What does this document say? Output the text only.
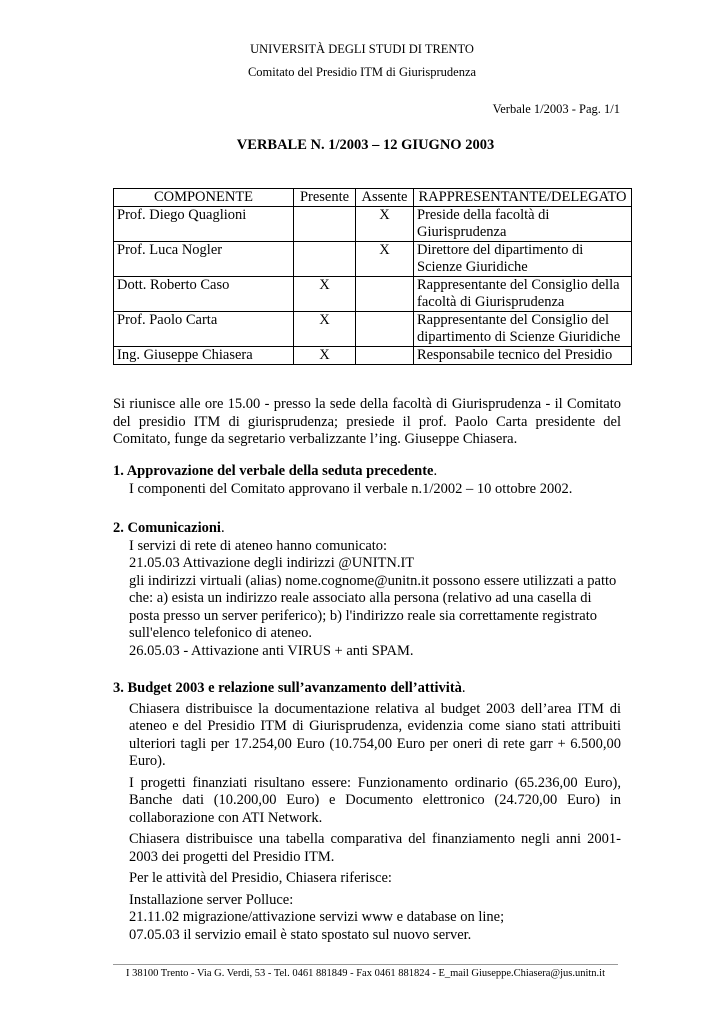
UNIVERSITÀ DEGLI STUDI DI TRENTO
Comitato del Presidio ITM di Giurisprudenza
Verbale 1/2003 - Pag. 1/1
VERBALE N. 1/2003 – 12 GIUGNO 2003
COMPONENTE	Presente	Assente	RAPPRESENTANTE/DELEGATO
Prof. Diego Quaglioni		X	Preside della facoltà di Giurisprudenza
Prof. Luca Nogler		X	Direttore del dipartimento di Scienze Giuridiche
Dott. Roberto Caso	X		Rappresentante del Consiglio della facoltà di Giurisprudenza
Prof. Paolo Carta	X		Rappresentante del Consiglio del dipartimento di Scienze Giuridiche
Ing. Giuseppe Chiasera	X		Responsabile tecnico del Presidio
Si riunisce alle ore 15.00 - presso la sede della facoltà di Giurisprudenza - il Comitato del presidio ITM di giurisprudenza; presiede il prof. Paolo Carta presidente del Comitato, funge da segretario verbalizzante l’ing. Giuseppe Chiasera.

1. Approvazione del verbale della seduta precedente.

I componenti del Comitato approvano il verbale n.1/2002 – 10 ottobre 2002.

2. Comunicazioni.

I servizi di rete di ateneo hanno comunicato:

21.05.03 Attivazione degli indirizzi @UNITN.IT

gli indirizzi virtuali (alias) nome.cognome@unitn.it possono essere utilizzati a patto che: a) esista un indirizzo reale associato alla persona (relativo ad una casella di posta presso un server periferico); b) l'indirizzo reale sia correttamente registrato sull'elenco telefonico di ateneo.

26.05.03 - Attivazione anti VIRUS + anti SPAM.

3. Budget 2003 e relazione sull’avanzamento dell’attività.

Chiasera distribuisce la documentazione relativa al budget 2003 dell’area ITM di ateneo e del Presidio ITM di Giurisprudenza, evidenzia come siano stati attribuiti ulteriori tagli per 17.254,00 Euro (10.754,00 Euro per oneri di rete garr + 6.500,00 Euro).

I progetti finanziati risultano essere: Funzionamento ordinario (65.236,00 Euro), Banche dati (10.200,00 Euro) e Documento elettronico (24.720,00 Euro) in collaborazione con ATI Network.

Chiasera distribuisce una tabella comparativa del finanziamento negli anni 2001-2003 dei progetti del Presidio ITM.

Per le attività del Presidio, Chiasera riferisce:

Installazione server Polluce:

21.11.02 migrazione/attivazione servizi www e database on line;

07.05.03 il servizio email è stato spostato sul nuovo server.

I 38100 Trento - Via G. Verdi, 53 - Tel. 0461 881849 - Fax 0461 881824 - E_mail Giuseppe.Chiasera@jus.unitn.it
